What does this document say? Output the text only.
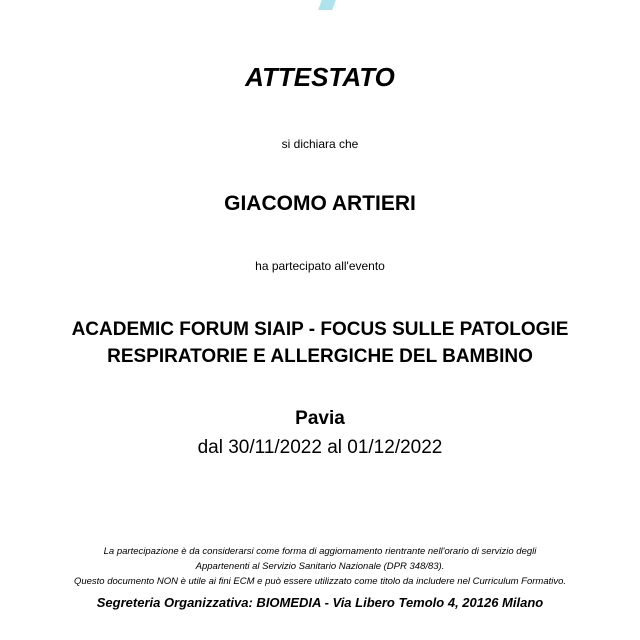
ATTESTATO
si dichiara che
GIACOMO ARTIERI
ha partecipato all'evento
ACADEMIC FORUM SIAIP - FOCUS SULLE PATOLOGIE
RESPIRATORIE E ALLERGICHE DEL BAMBINO
Pavia
dal 30/11/2022 al 01/12/2022
La partecipazione è da considerarsi come forma di aggiornamento rientrante nell'orario di servizio degli
Appartenenti al Servizio Sanitario Nazionale (DPR 348/83).
Questo documento NON è utile ai fini ECM e può essere utilizzato come titolo da includere nel Curriculum Formativo.
Segreteria Organizzativa: BIOMEDIA - Via Libero Temolo 4, 20126 Milano
